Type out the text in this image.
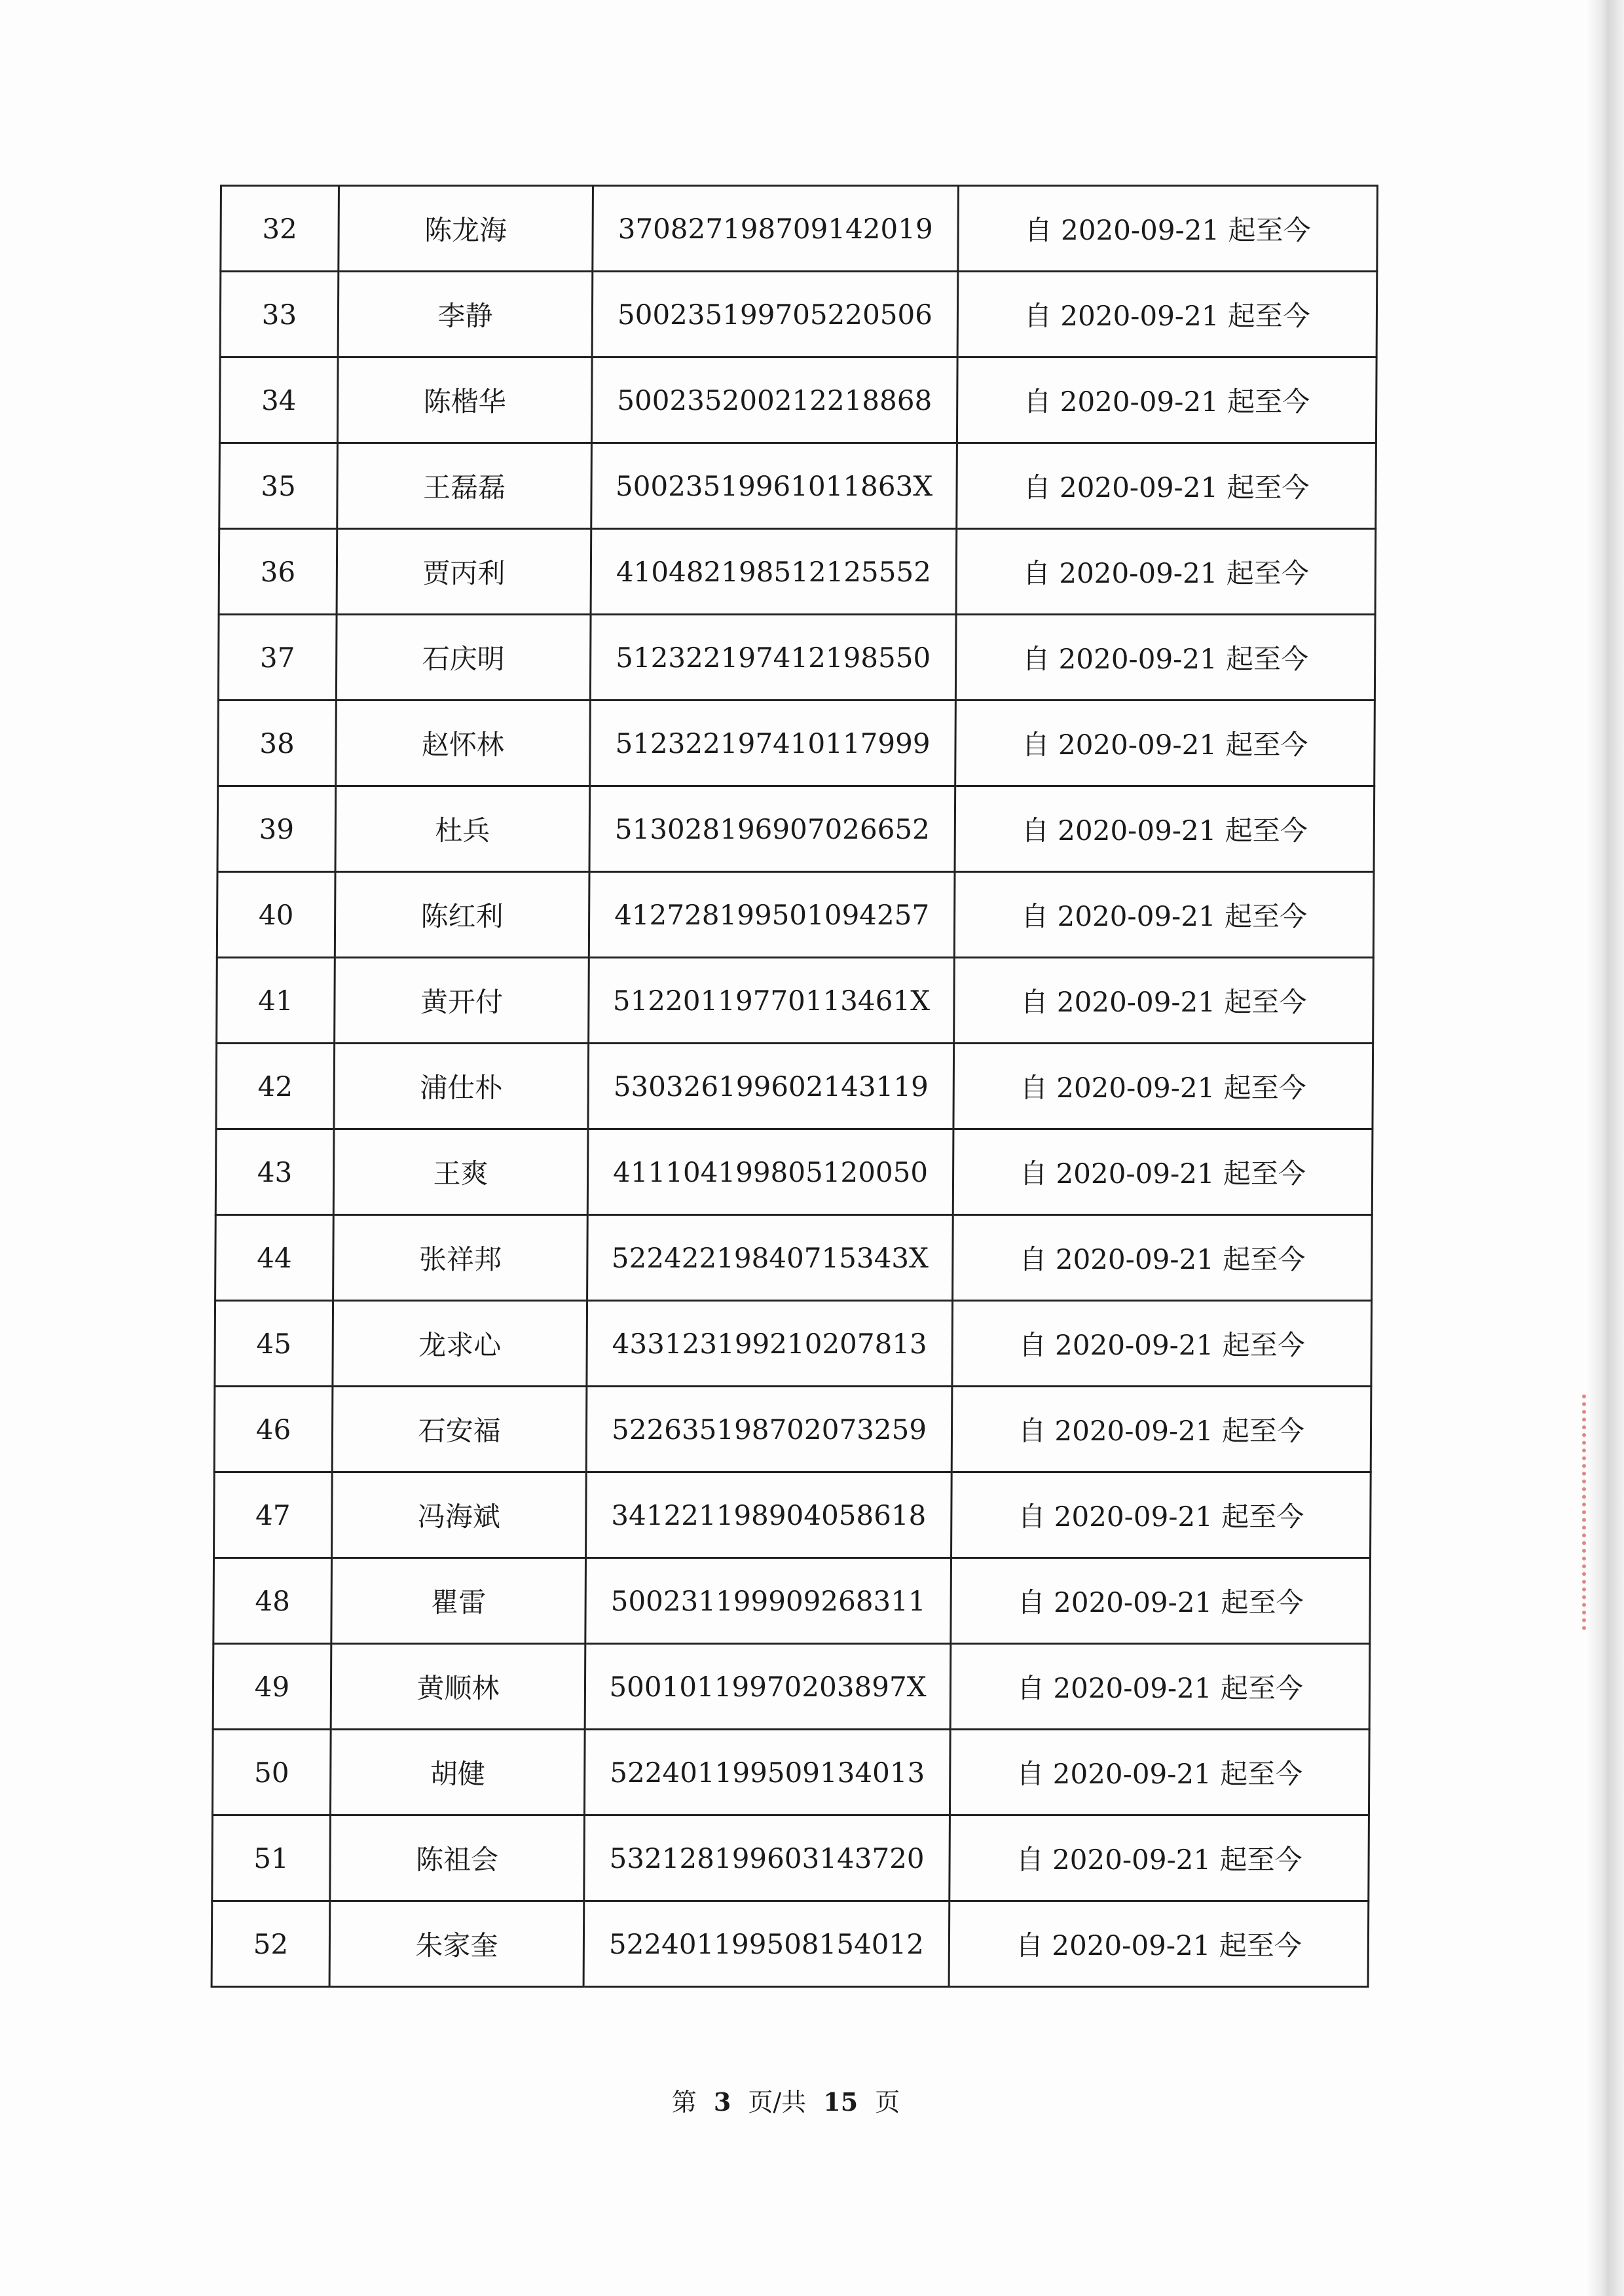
32	陈龙海	370827198709142019	自 2020-09-21 起至今
33	李静	500235199705220506	自 2020-09-21 起至今
34	陈楷华	500235200212218868	自 2020-09-21 起至今
35	王磊磊	50023519961011863X	自 2020-09-21 起至今
36	贾丙利	410482198512125552	自 2020-09-21 起至今
37	石庆明	512322197412198550	自 2020-09-21 起至今
38	赵怀林	512322197410117999	自 2020-09-21 起至今
39	杜兵	513028196907026652	自 2020-09-21 起至今
40	陈红利	412728199501094257	自 2020-09-21 起至今
41	黄开付	51220119770113461X	自 2020-09-21 起至今
42	浦仕朴	530326199602143119	自 2020-09-21 起至今
43	王爽	411104199805120050	自 2020-09-21 起至今
44	张祥邦	52242219840715343X	自 2020-09-21 起至今
45	龙求心	433123199210207813	自 2020-09-21 起至今
46	石安福	522635198702073259	自 2020-09-21 起至今
47	冯海斌	341221198904058618	自 2020-09-21 起至今
48	瞿雷	500231199909268311	自 2020-09-21 起至今
49	黄顺林	50010119970203897X	自 2020-09-21 起至今
50	胡健	522401199509134013	自 2020-09-21 起至今
51	陈祖会	532128199603143720	自 2020-09-21 起至今
52	朱家奎	522401199508154012	自 2020-09-21 起至今
第 3 页/共 15 页
